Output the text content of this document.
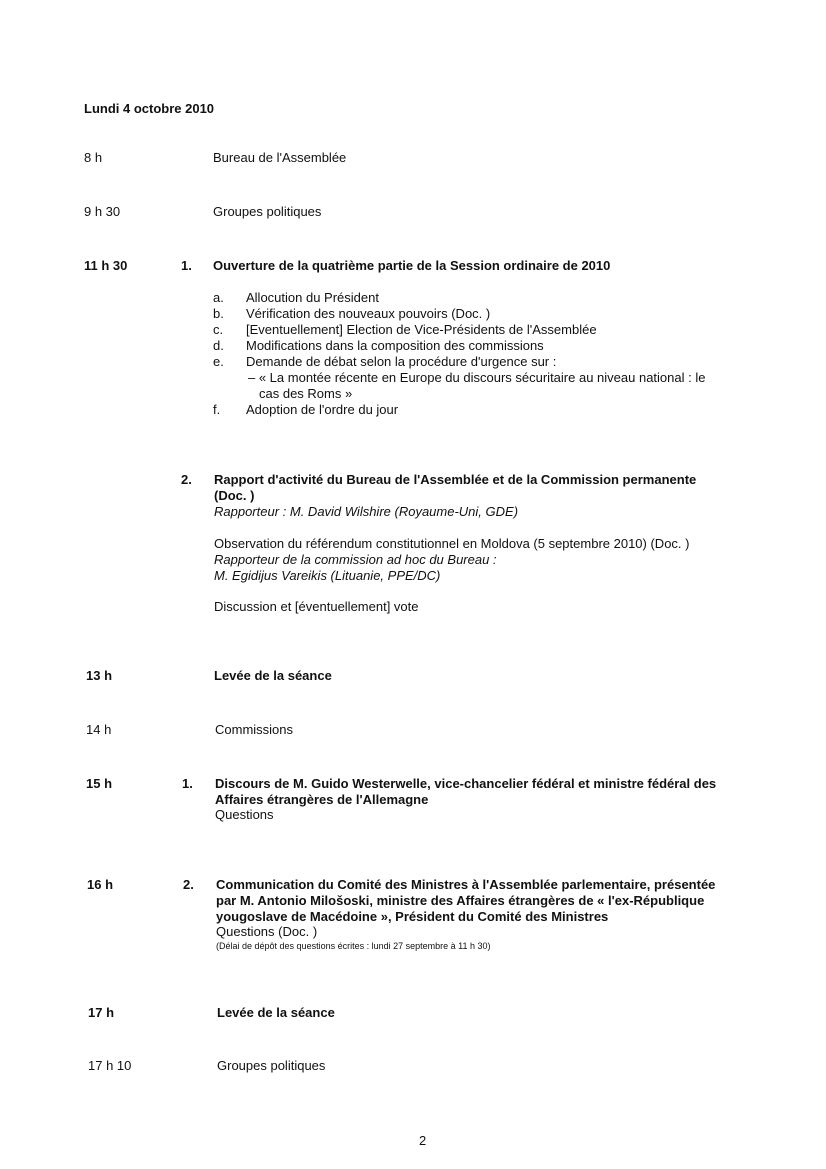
Lundi 4 octobre 2010
8 h	Bureau de l'Assemblée
9 h 30	Groupes politiques
11 h 30	1. Ouverture de la quatrième partie de la Session ordinaire de 2010
a. Allocution du Président
b. Vérification des nouveaux pouvoirs (Doc. )
c. [Eventuellement] Election de Vice-Présidents de l'Assemblée
d. Modifications dans la composition des commissions
e. Demande de débat selon la procédure d'urgence sur :
– « La montée récente en Europe du discours sécuritaire au niveau national : le
cas des Roms »
f. Adoption de l'ordre du jour
2. Rapport d'activité du Bureau de l'Assemblée et de la Commission permanente
(Doc. )
Rapporteur : M. David Wilshire (Royaume-Uni, GDE)
Observation du référendum constitutionnel en Moldova (5 septembre 2010) (Doc. )
Rapporteur de la commission ad hoc du Bureau :
M. Egidijus Vareikis (Lituanie, PPE/DC)
Discussion et [éventuellement] vote
13 h	Levée de la séance
14 h	Commissions
15 h	1. Discours de M. Guido Westerwelle, vice-chancelier fédéral et ministre fédéral des
Affaires étrangères de l'Allemagne
Questions
16 h	2. Communication du Comité des Ministres à l'Assemblée parlementaire, présentée
par M. Antonio Milošoski, ministre des Affaires étrangères de « l'ex-République
yougoslave de Macédoine », Président du Comité des Ministres
Questions (Doc. )
(Délai de dépôt des questions écrites : lundi 27 septembre à 11 h 30)
17 h	Levée de la séance
17 h 10	Groupes politiques
2
